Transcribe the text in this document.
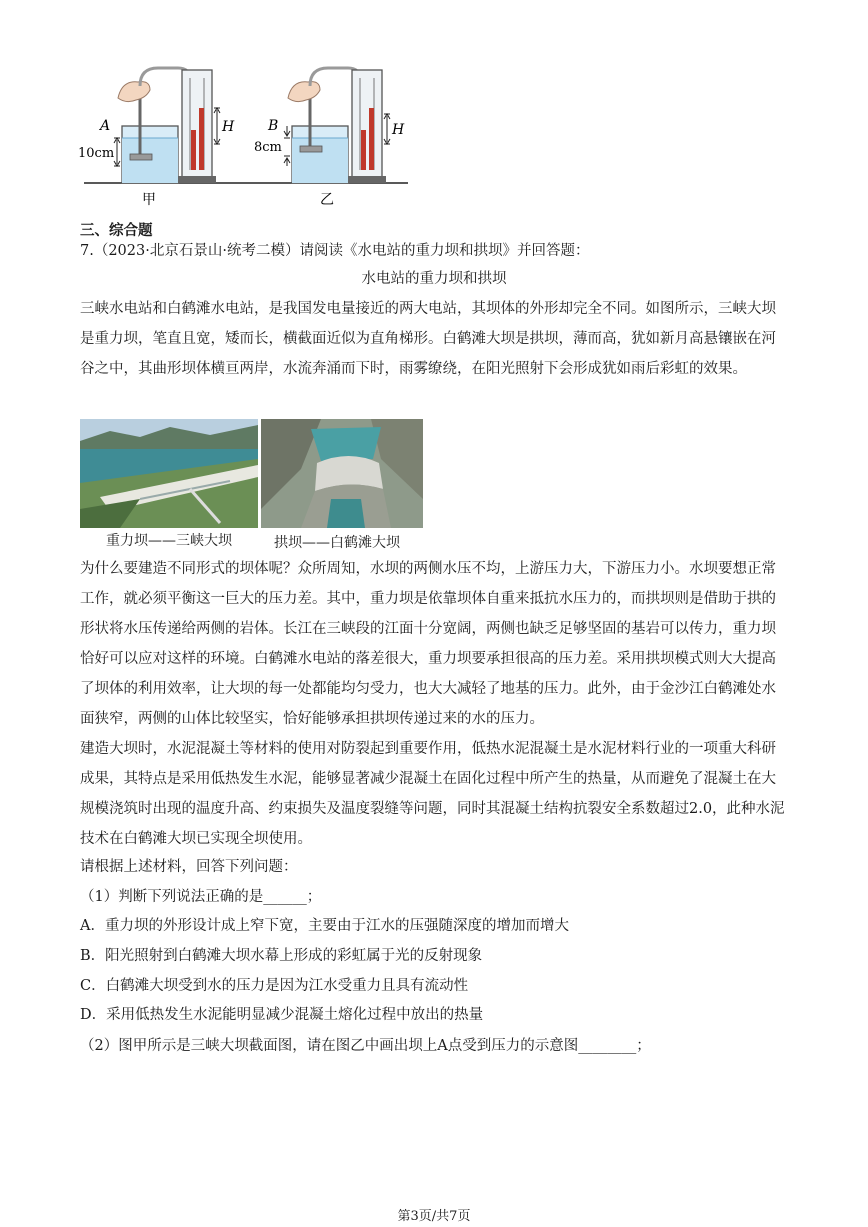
A
10cm
H
甲
B
8cm
H
乙
三、综合题
7.（2023·北京石景山·统考二模）请阅读《水电站的重力坝和拱坝》并回答题：
水电站的重力坝和拱坝
三峡水电站和白鹤滩水电站，是我国发电量接近的两大电站，其坝体的外形却完全不同。如图所示，三峡大坝是重力坝，笔直且宽，矮而长，横截面近似为直角梯形。白鹤滩大坝是拱坝，薄而高，犹如新月高悬镶嵌在河谷之中，其曲形坝体横亘两岸，水流奔涌而下时，雨雾缭绕，在阳光照射下会形成犹如雨后彩虹的效果。
重力坝——三峡大坝	拱坝——白鹤滩大坝
为什么要建造不同形式的坝体呢？众所周知，水坝的两侧水压不均，上游压力大，下游压力小。水坝要想正常工作，就必须平衡这一巨大的压力差。其中，重力坝是依靠坝体自重来抵抗水压力的，而拱坝则是借助于拱的形状将水压传递给两侧的岩体。长江在三峡段的江面十分宽阔，两侧也缺乏足够坚固的基岩可以传力，重力坝恰好可以应对这样的环境。白鹤滩水电站的落差很大，重力坝要承担很高的压力差。采用拱坝模式则大大提高了坝体的利用效率，让大坝的每一处都能均匀受力，也大大减轻了地基的压力。此外，由于金沙江白鹤滩处水面狭窄，两侧的山体比较坚实，恰好能够承担拱坝传递过来的水的压力。
建造大坝时，水泥混凝土等材料的使用对防裂起到重要作用，低热水泥混凝土是水泥材料行业的一项重大科研成果，其特点是采用低热发生水泥，能够显著减少混凝土在固化过程中所产生的热量，从而避免了混凝土在大规模浇筑时出现的温度升高、约束损失及温度裂缝等问题，同时其混凝土结构抗裂安全系数超过2.0，此种水泥技术在白鹤滩大坝已实现全坝使用。
请根据上述材料，回答下列问题：
（1）判断下列说法正确的是______；
A．重力坝的外形设计成上窄下宽，主要由于江水的压强随深度的增加而增大
B．阳光照射到白鹤滩大坝水幕上形成的彩虹属于光的反射现象
C．白鹤滩大坝受到水的压力是因为江水受重力且具有流动性
D．采用低热发生水泥能明显减少混凝土熔化过程中放出的热量
（2）图甲所示是三峡大坝截面图，请在图乙中画出坝上A点受到压力的示意图________；
第3页/共7页
